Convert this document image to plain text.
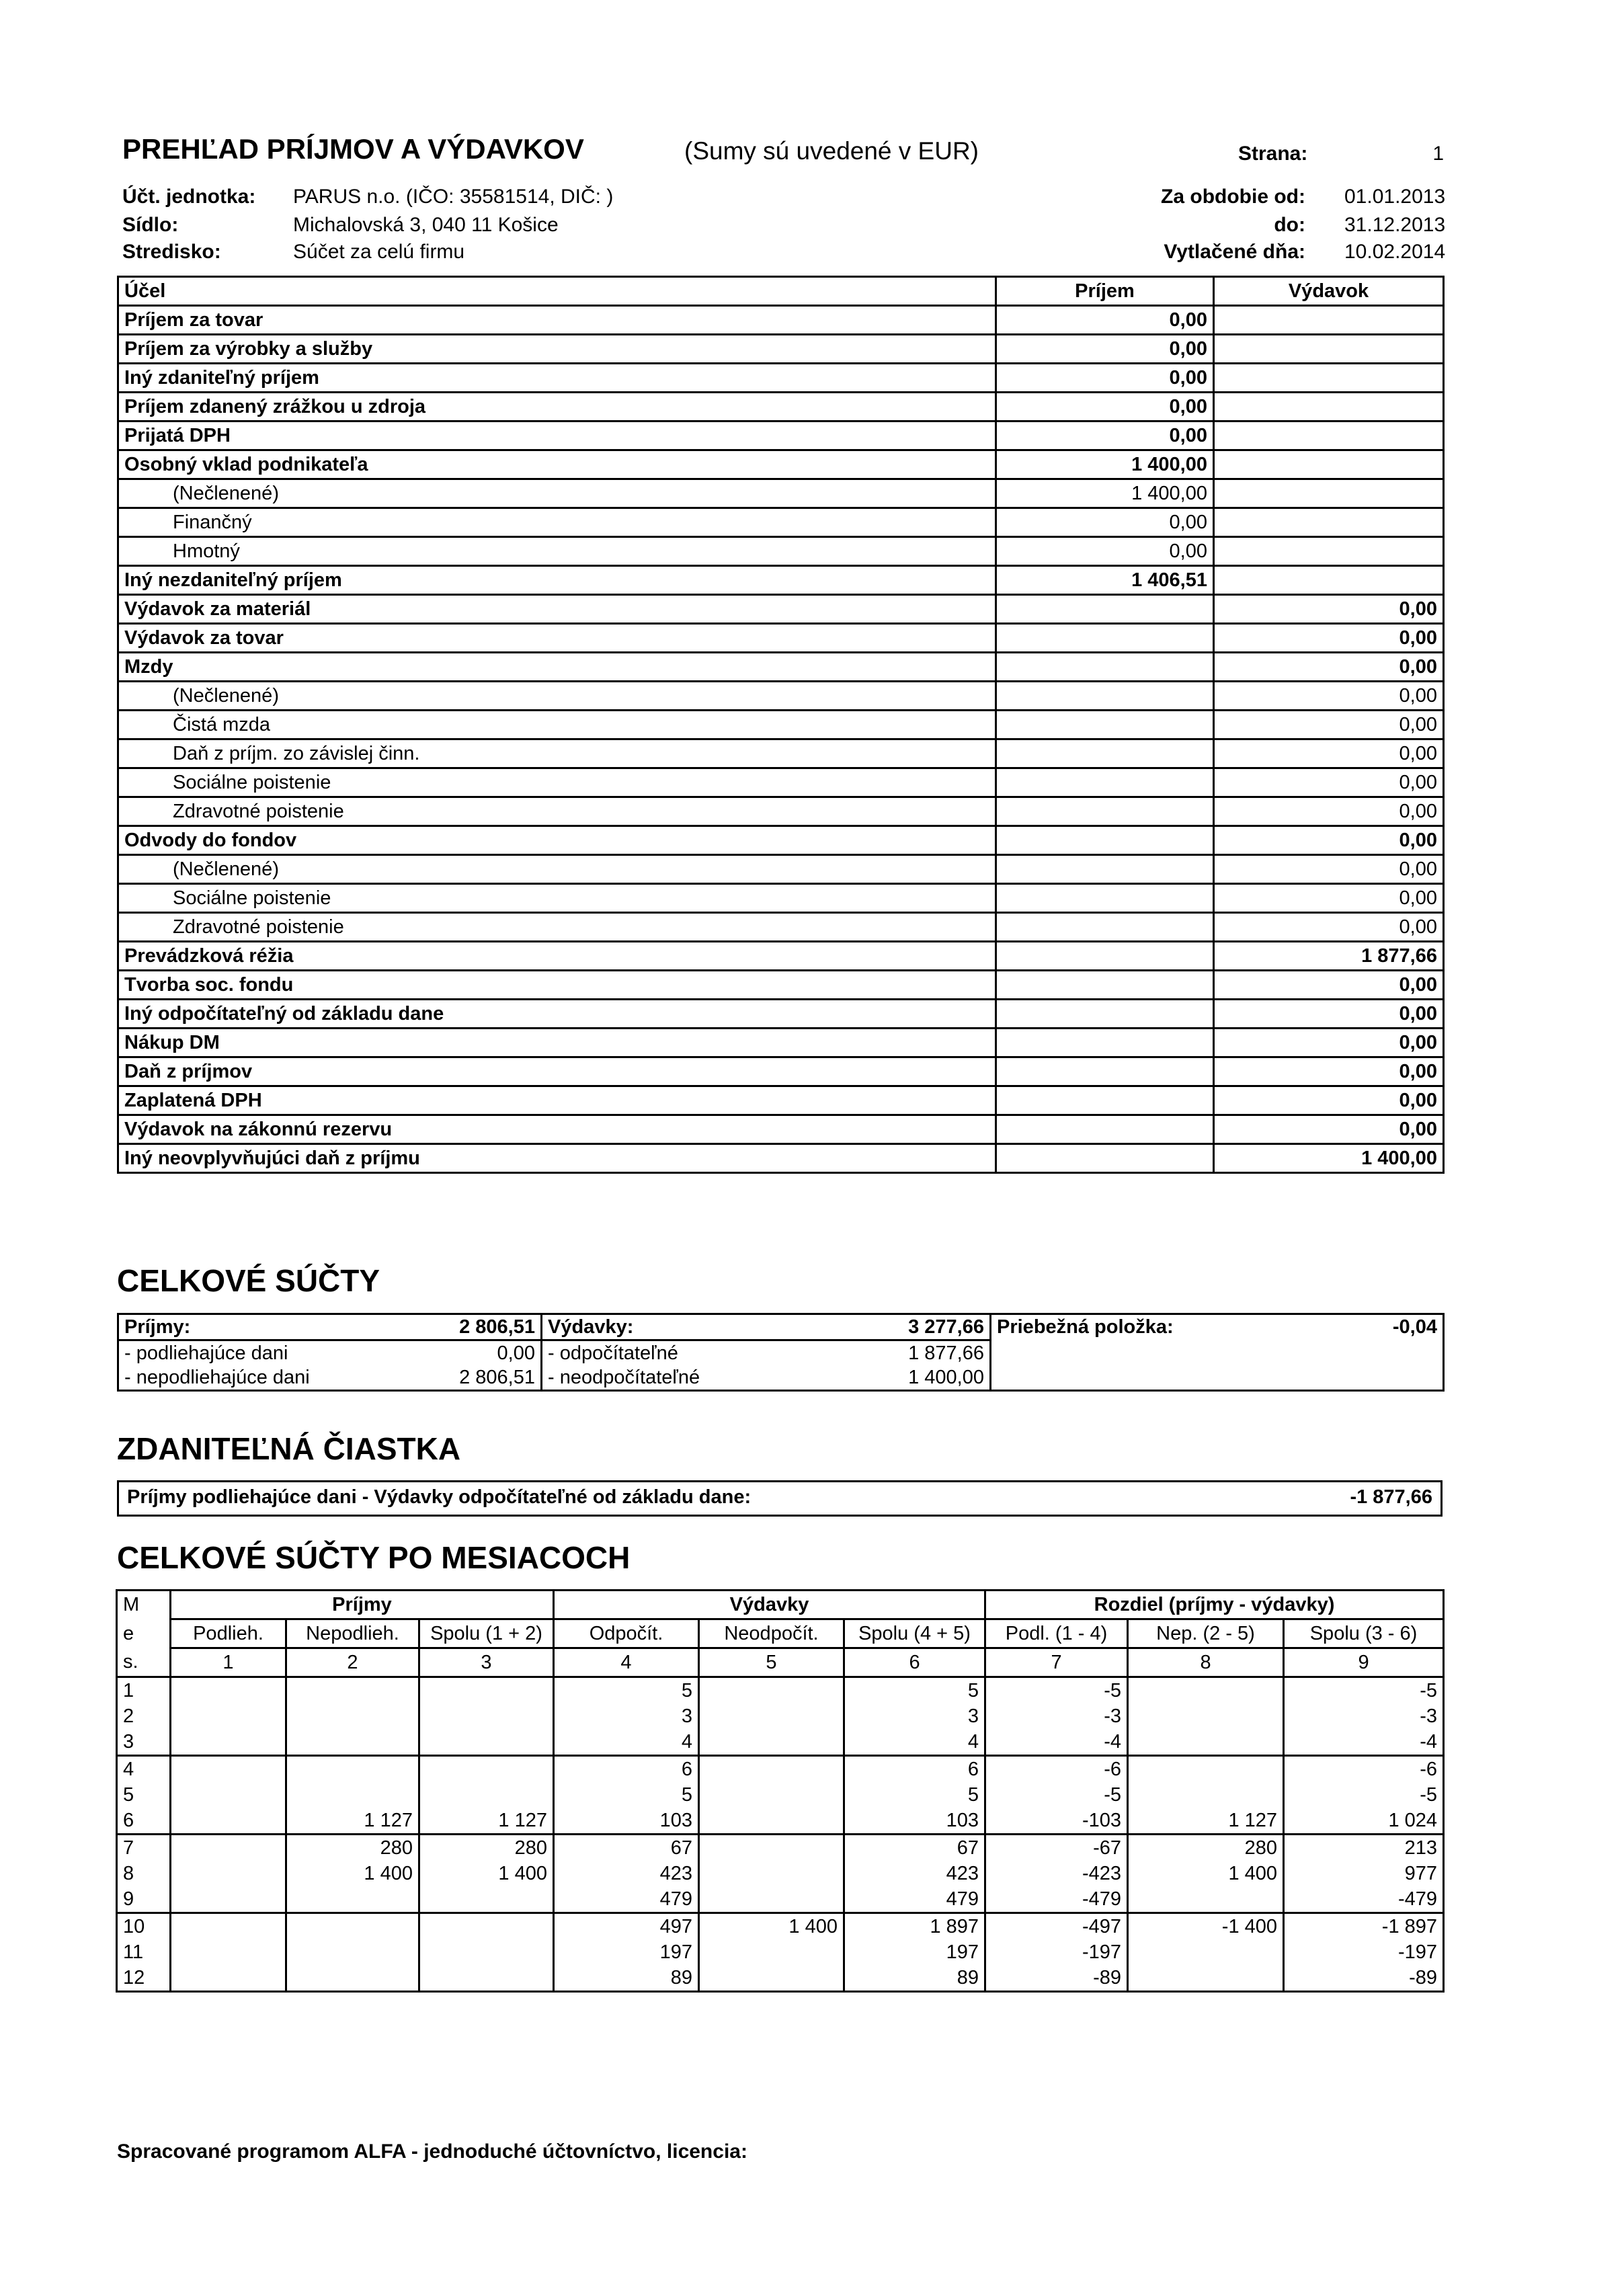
PREHĽAD PRÍJMOV A VÝDAVKOV	(Sumy sú uvedené v EUR)	Strana:	1
Účt. jednotka: PARUS n.o. (IČO: 35581514, DIČ: )
Sídlo:	Michalovská 3, 040 11 Košice
Stredisko:	Súčet za celú firmu
Za obdobie od: 01.01.2013
do: 31.12.2013
Vytlačené dňa: 10.02.2014
Účel	Príjem	Výdavok
Príjem za tovar	0,00	
Príjem za výrobky a služby	0,00	
Iný zdaniteľný príjem	0,00	
Príjem zdanený zrážkou u zdroja	0,00	
Prijatá DPH	0,00	
Osobný vklad podnikateľa	1 400,00	
(Nečlenené)	1 400,00	
Finančný	0,00	
Hmotný	0,00	
Iný nezdaniteľný príjem	1 406,51	
Výdavok za materiál		0,00
Výdavok za tovar		0,00
Mzdy		0,00
(Nečlenené)		0,00
Čistá mzda		0,00
Daň z príjm. zo závislej činn.		0,00
Sociálne poistenie		0,00
Zdravotné poistenie		0,00
Odvody do fondov		0,00
(Nečlenené)		0,00
Sociálne poistenie		0,00
Zdravotné poistenie		0,00
Prevádzková réžia		1 877,66
Tvorba soc. fondu		0,00
Iný odpočítateľný od základu dane		0,00
Nákup DM		0,00
Daň z príjmov		0,00
Zaplatená DPH		0,00
Výdavok na zákonnú rezervu		0,00
Iný neovplyvňujúci daň z príjmu		1 400,00
CELKOVÉ SÚČTY
Príjmy:	2 806,51	Výdavky:	3 277,66	Priebežná položka:	-0,04
- podliehajúce dani	0,00	- odpočítateľné	1 877,66		
- nepodliehajúce dani	2 806,51	- neodpočítateľné	1 400,00		
ZDANITEĽNÁ ČIASTKA
Príjmy podliehajúce dani - Výdavky odpočítateľné od základu dane:	-1 877,66
CELKOVÉ SÚČTY PO MESIACOCH
M	Príjmy			Výdavky			Rozdiel (príjmy - výdavky)		
e	Podlieh.	Nepodlieh.	Spolu (1 + 2)	Odpočít.	Neodpočít.	Spolu (4 + 5)	Podl. (1 - 4)	Nep. (2 - 5)	Spolu (3 - 6)
s.	1	2	3	4	5	6	7	8	9
1				5		5	-5		-5
2				3		3	-3		-3
3				4		4	-4		-4
4				6		6	-6		-6
5				5		5	-5		-5
6		1 127	1 127	103		103	-103	1 127	1 024
7		280	280	67		67	-67	280	213
8		1 400	1 400	423		423	-423	1 400	977
9				479		479	-479		-479
10				497	1 400	1 897	-497	-1 400	-1 897
11				197		197	-197		-197
12				89		89	-89		-89
Spracované programom ALFA - jednoduché účtovníctvo, licencia:
